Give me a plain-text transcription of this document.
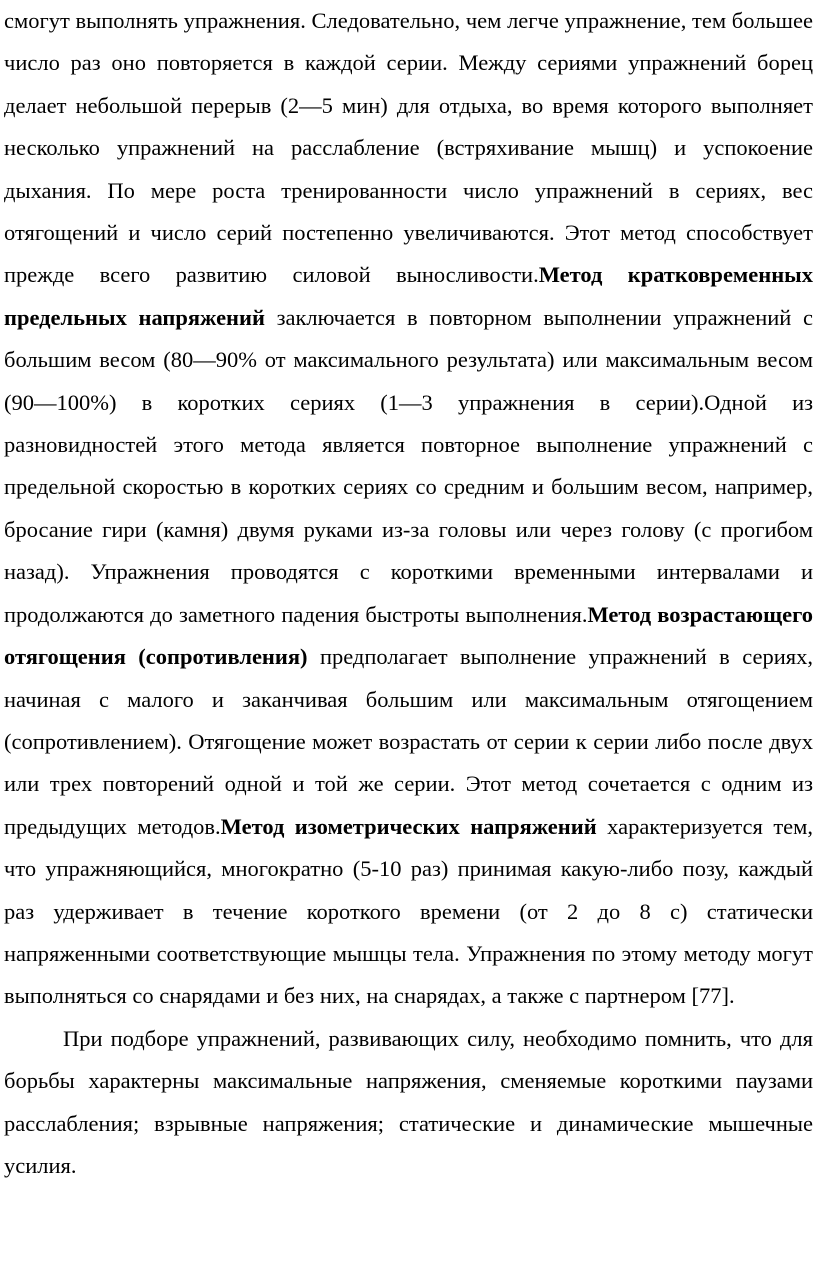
смогут выполнять упражнения. Следовательно, чем легче упражнение, тем большее число раз оно повторяется в каждой серии. Между сериями упражнений борец делает небольшой перерыв (2—5 мин) для отдыха, во время которого выполняет несколько упражнений на расслабление (встряхивание мышц) и успокоение дыхания. По мере роста тренированности число упражнений в сериях, вес отягощений и число серий постепенно увеличиваются. Этот метод способствует прежде всего развитию силовой выносливости.Метод кратковременных предельных напряжений заключается в повторном выполнении упражнений с большим весом (80—90% от максимального результата) или максимальным весом (90—100%) в коротких сериях (1—3 упражнения в серии).Одной из разновидностей этого метода является повторное выполнение упражнений с предельной скоростью в коротких сериях со средним и большим весом, например, бросание гири (камня) двумя руками из-за головы или через голову (с прогибом назад). Упражнения проводятся с короткими временными интервалами и продолжаются до заметного падения быстроты выполнения.Метод возрастающего отягощения (сопротивления) предполагает выполнение упражнений в сериях, начиная с малого и заканчивая большим или максимальным отягощением (сопротивлением). Отягощение может возрастать от серии к серии либо после двух или трех повторений одной и той же серии. Этот метод сочетается с одним из предыдущих методов.Метод изометрических напряжений характеризуется тем, что упражняющийся, многократно (5-10 раз) принимая какую-либо позу, каждый раз удерживает в течение короткого времени (от 2 до 8 с) статически напряженными соответствующие мышцы тела. Упражнения по этому методу могут выполняться со снарядами и без них, на снарядах, а также с партнером [77].

При подборе упражнений, развивающих силу, необходимо помнить, что для борьбы характерны максимальные напряжения, сменяемые короткими паузами расслабления; взрывные напряжения; статические и динамические мышечные усилия.
